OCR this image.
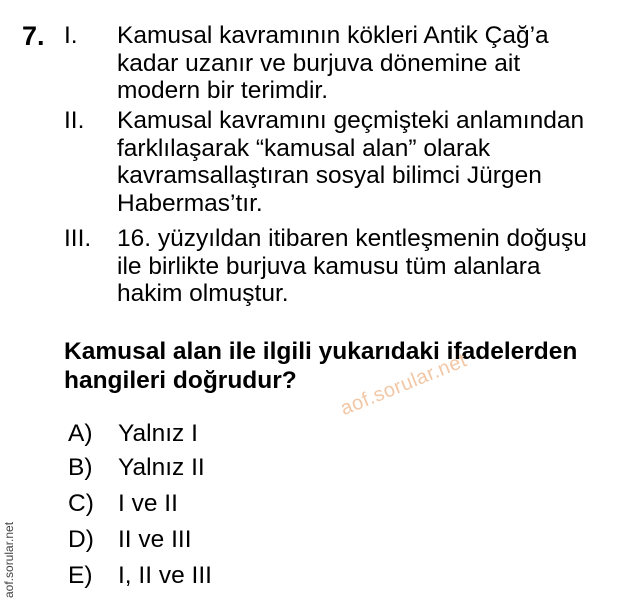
7. I.	Kamusal kavramının kökleri Antik Çağ’a
kadar uzanır ve burjuva dönemine ait
modern bir terimdir.
II.	Kamusal kavramını geçmişteki anlamından
farklılaşarak “kamusal alan” olarak
kavramsallaştıran sosyal bilimci Jürgen
Habermas’tır.
III.	16. yüzyıldan itibaren kentleşmenin doğuşu
ile birlikte burjuva kamusu tüm alanlara
hakim olmuştur.
Kamusal alan ile ilgili yukarıdaki ifadelerden
hangileri doğrudur?	aof.sorular.net
A) Yalnız I
B) Yalnız II
C) I ve II
D) II ve III
E) I, II ve III
aof.sorular.net
